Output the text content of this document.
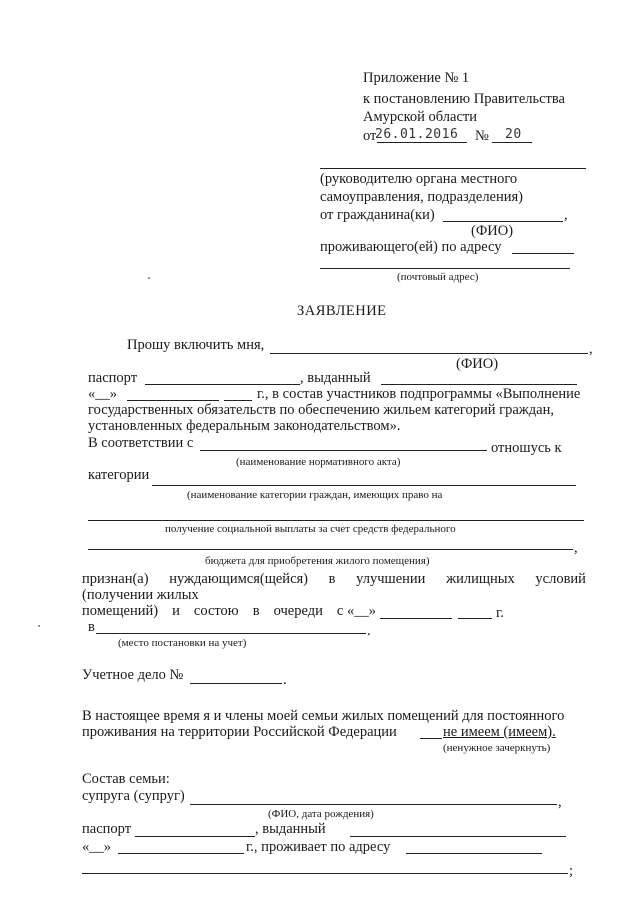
Приложение № 1
к постановлению Правительства
Амурской области
от
26.01.2016 № 20
(руководителю органа местного
самоуправления, подразделения)
от гражданина(ки)	,
(ФИО)
проживающего(ей) по адресу
(почтовый адрес)
ЗАЯВЛЕНИЕ
Прошу включить мня,	,
(ФИО)
паспорт	, выданный
«__»	г., в состав участников подпрограммы «Выполнение
государственных обязательств по обеспечению жильем категорий граждан,
установленных федеральным законодательством».
В соответствии с	отношусь к
(наименование нормативного акта)
категории
(наименование категории граждан, имеющих право на
получение социальной выплаты за счет средств федерального
,
бюджета для приобретения жилого помещения)
признан(а) нуждающимся(щейся) в улучшении жилищных условий
(получении жилых
помещений) и состою в очереди с «__»	г.
в	.
(место постановки на учет)
Учетное дело №	.
В настоящее время я и члены моей семьи жилых помещений для постоянного
проживания на территории Российской Федерации	не имеем (имеем).
(ненужное зачеркнуть)
Состав семьи:
супруга (супруг)	,
(ФИО, дата рождения)
паспорт	, выданный
«__»	г., проживает по адресу
;
